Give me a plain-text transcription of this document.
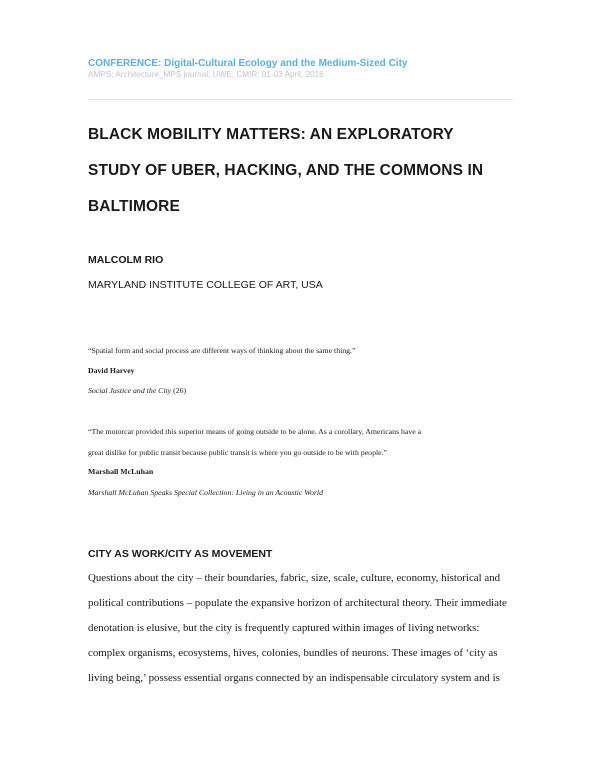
CONFERENCE: Digital-Cultural Ecology and the Medium-Sized City
AMPS; Architecture_MPS journal; UWE; CMIR: 01-03 April, 2016
BLACK MOBILITY MATTERS: AN EXPLORATORY
STUDY OF UBER, HACKING, AND THE COMMONS IN
BALTIMORE
MALCOLM RIO
MARYLAND INSTITUTE COLLEGE OF ART, USA
“Spatial form and social process are different ways of thinking about the same thing.”
David Harvey
Social Justice and the City (26)
“The motorcar provided this superior means of going outside to be alone. As a corollary, Americans have a
great dislike for public transit because public transit is where you go outside to be with people.”
Marshall McLuhan
Marshall McLuhan Speaks Special Collection: Living in an Acoustic World
CITY AS WORK/CITY AS MOVEMENT
Questions about the city – their boundaries, fabric, size, scale, culture, economy, historical and
political contributions – populate the expansive horizon of architectural theory. Their immediate
denotation is elusive, but the city is frequently captured within images of living networks:
complex organisms, ecosystems, hives, colonies, bundles of neurons. These images of ‘city as
living being,’ possess essential organs connected by an indispensable circulatory system and is
